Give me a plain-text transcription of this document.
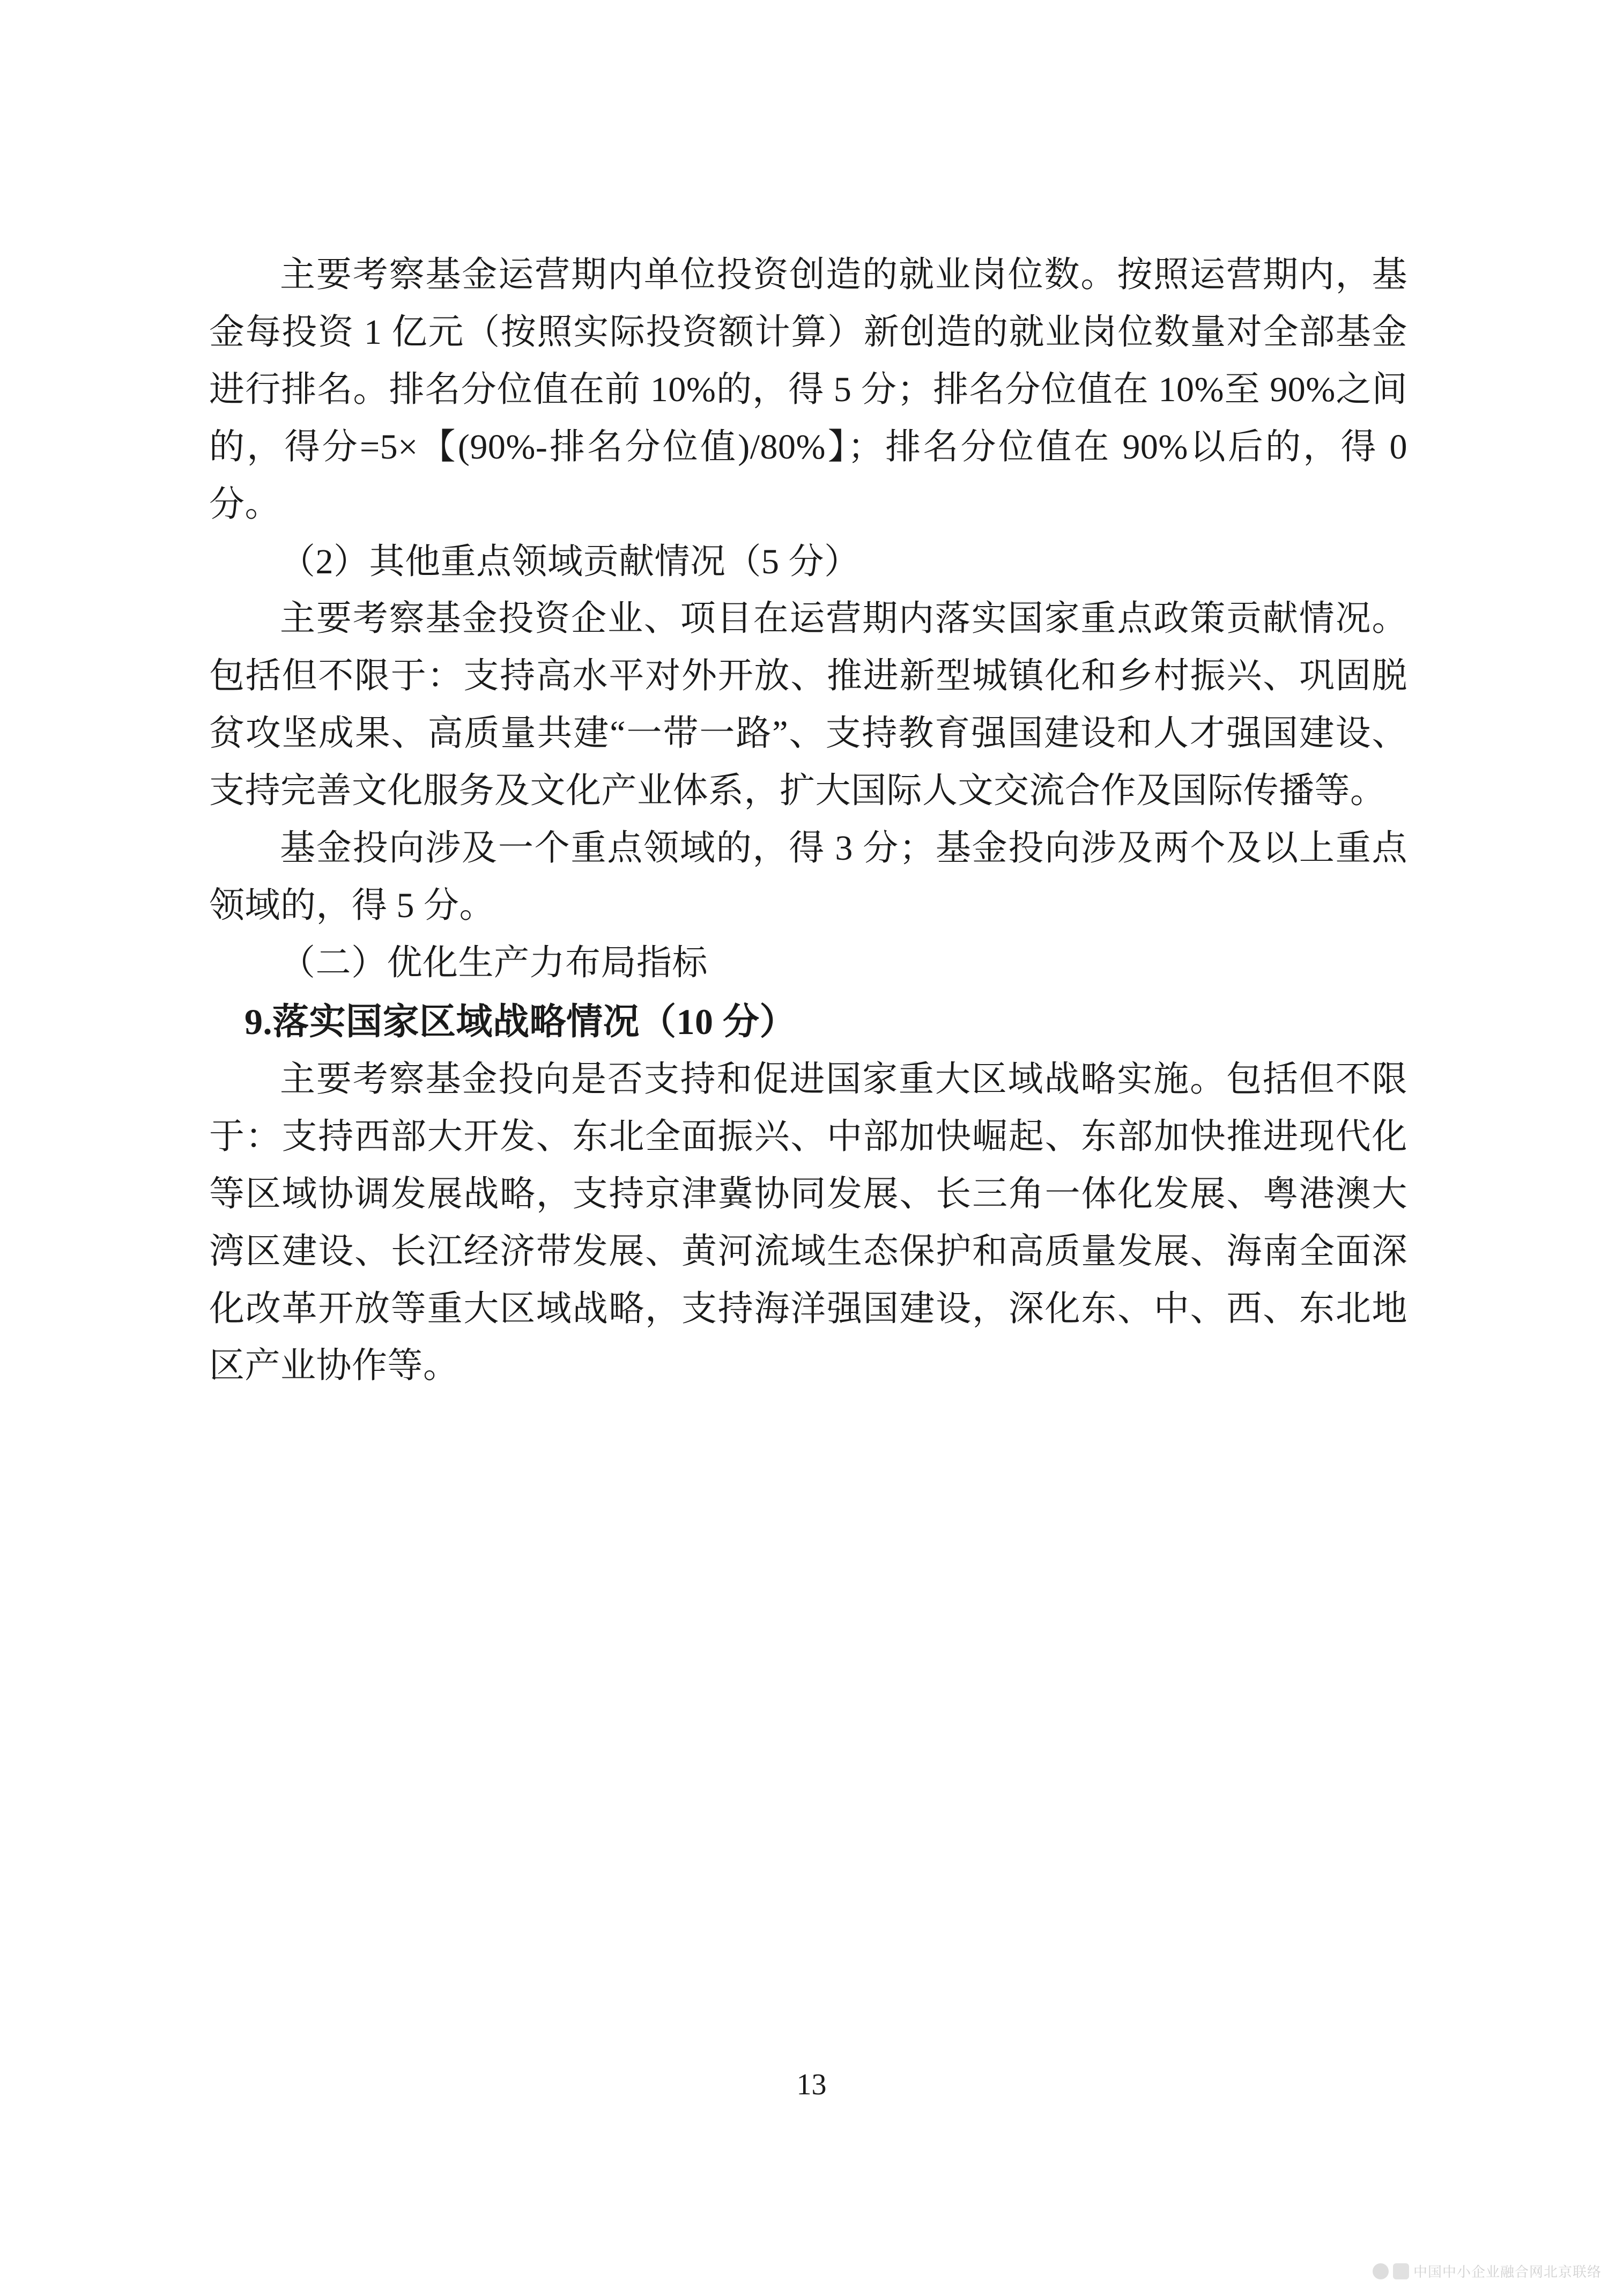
主要考察基金运营期内单位投资创造的就业岗位数。按照运营期内，基金每投资 1 亿元（按照实际投资额计算）新创造的就业岗位数量对全部基金进行排名。排名分位值在前 10%的，得 5 分；排名分位值在 10%至 90%之间的，得分=5×【(90%-排名分位值)/80%】；排名分位值在 90%以后的，得 0 分。

（2）其他重点领域贡献情况（5 分）

主要考察基金投资企业、项目在运营期内落实国家重点政策贡献情况。包括但不限于：支持高水平对外开放、推进新型城镇化和乡村振兴、巩固脱贫攻坚成果、高质量共建“一带一路”、支持教育强国建设和人才强国建设、支持完善文化服务及文化产业体系，扩大国际人文交流合作及国际传播等。

基金投向涉及一个重点领域的，得 3 分；基金投向涉及两个及以上重点领域的，得 5 分。

（二）优化生产力布局指标

9.落实国家区域战略情况（10 分）

主要考察基金投向是否支持和促进国家重大区域战略实施。包括但不限于：支持西部大开发、东北全面振兴、中部加快崛起、东部加快推进现代化等区域协调发展战略，支持京津冀协同发展、长三角一体化发展、粤港澳大湾区建设、长江经济带发展、黄河流域生态保护和高质量发展、海南全面深化改革开放等重大区域战略，支持海洋强国建设，深化东、中、西、东北地区产业协作等。

13
中国中小企业融合网北京联络
